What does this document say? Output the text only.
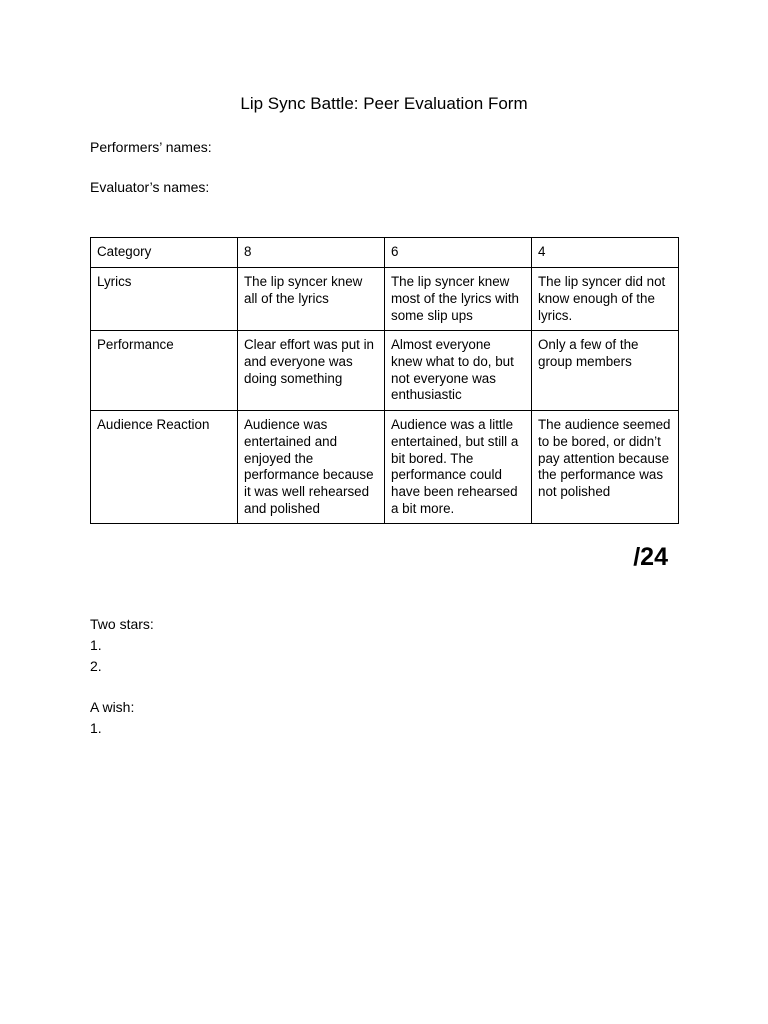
Lip Sync Battle: Peer Evaluation Form
Performers’ names:
Evaluator’s names:
Category	8	6	4
Lyrics	The lip syncer knew all of the lyrics	The lip syncer knew most of the lyrics with some slip ups	The lip syncer did not know enough of the lyrics.
Performance	Clear effort was put in and everyone was doing something	Almost everyone knew what to do, but not everyone was enthusiastic	Only a few of the group members
Audience Reaction	Audience was entertained and enjoyed the performance because it was well rehearsed and polished	Audience was a little entertained, but still a bit bored. The performance could have been rehearsed a bit more.	The audience seemed to be bored, or didn’t pay attention because the performance was not polished
/24
Two stars:
1.
2.
A wish:
1.
